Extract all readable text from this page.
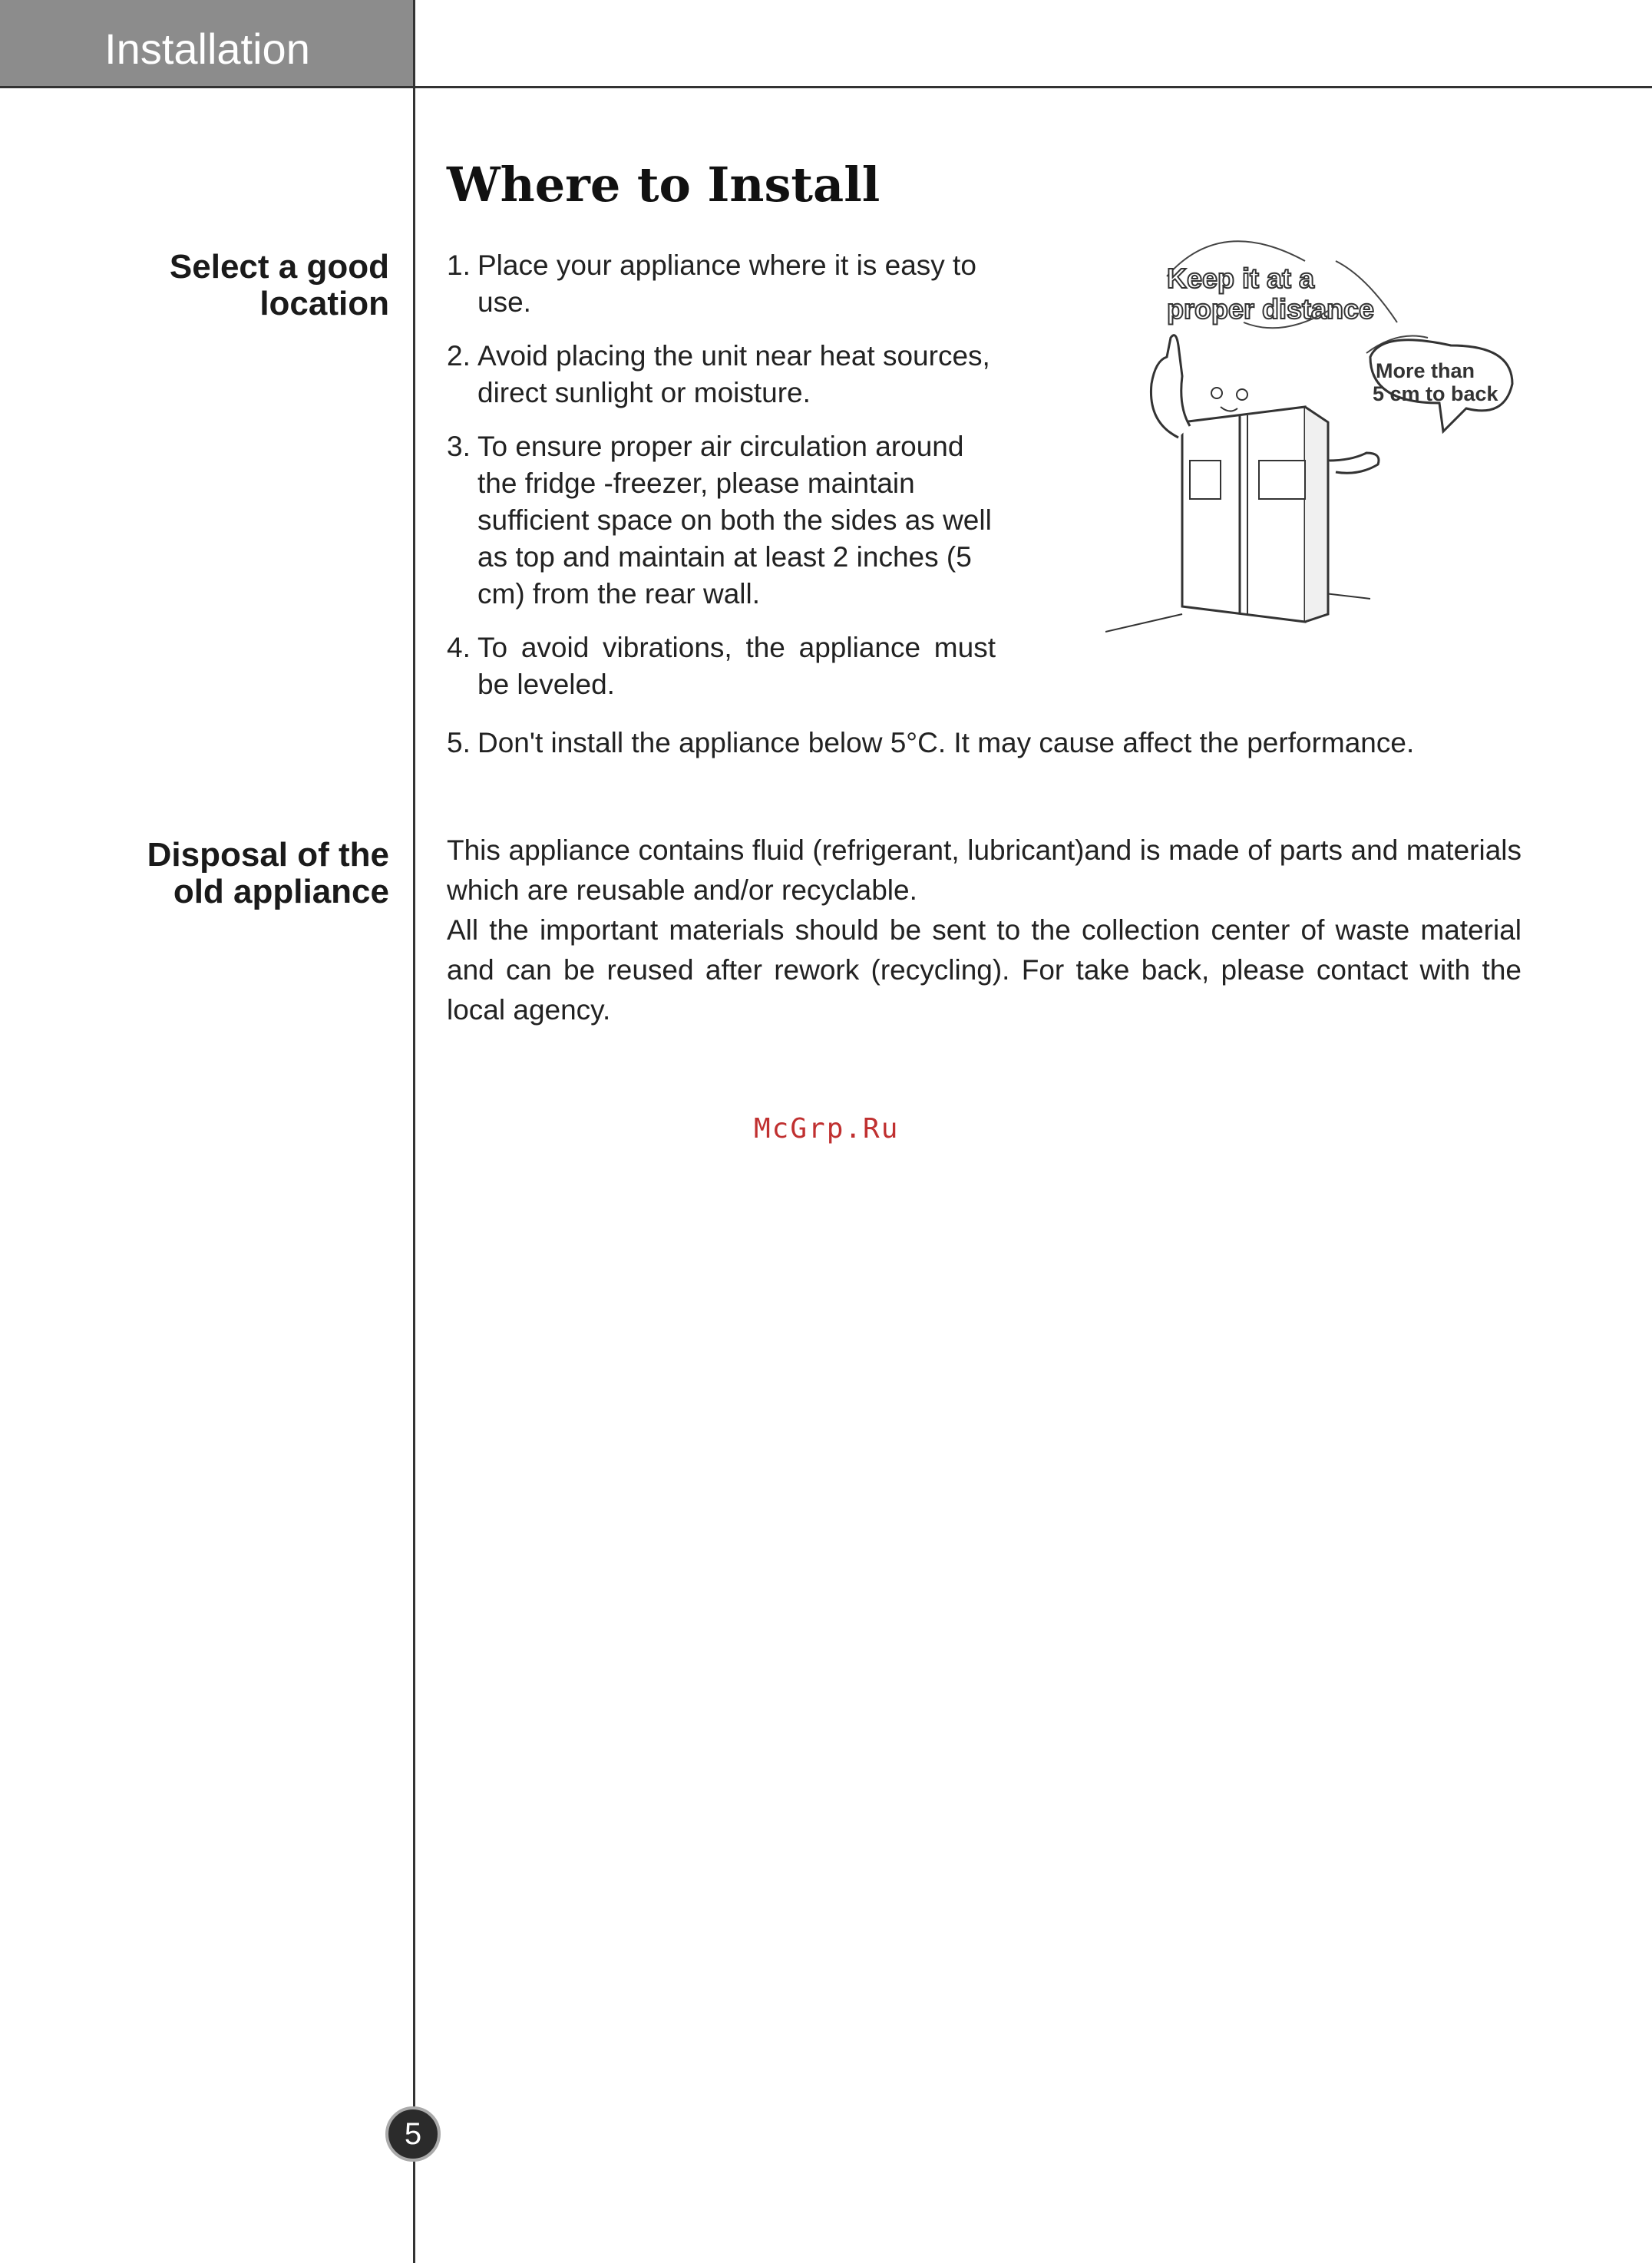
Installation
Select a good
location
Disposal of the
old appliance
Where to Install
1. Place your appliance where it is easy to use.
2. Avoid placing the unit near heat sources, direct sunlight or moisture.
3. To ensure proper air circulation around the fridge -freezer, please maintain sufficient space on both the sides as well as top and maintain at least 2 inches (5 cm) from the rear wall.
4. To avoid vibrations, the appliance must be leveled.
5. Don't install the appliance below 5°C. It may cause affect the performance.
Keep it at a
proper distance
More than
5 cm to back

This appliance contains fluid (refrigerant, lubricant)and is made of parts and materials which are reusable and/or recyclable.

All the important materials should be sent to the collection center of waste material and can be reused after rework (recycling). For take back, please contact with the local agency.

McGrp.Ru
5
